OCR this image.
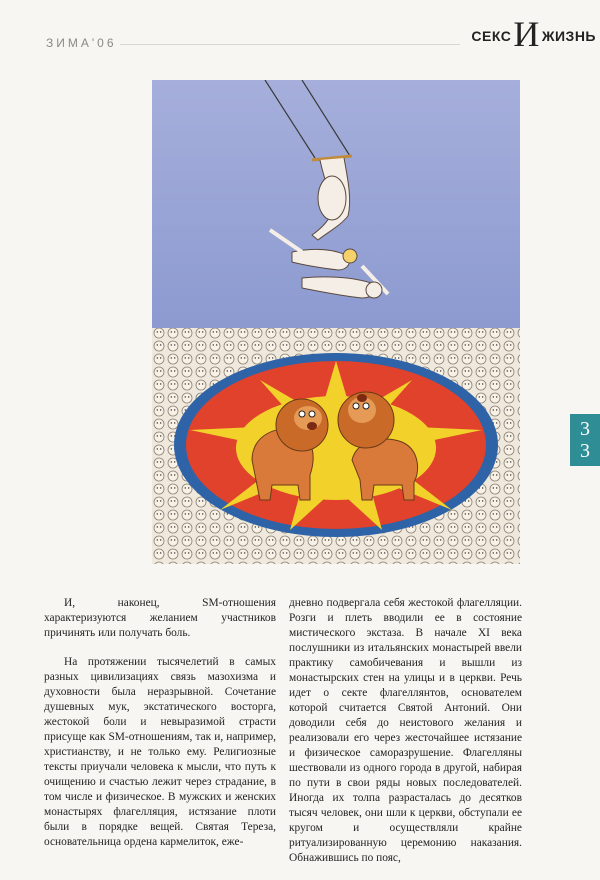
ЗИМА'06	СЕКС И ЖИЗНЬ
3
3

И, наконец, SM-отношения характеризуются желанием участников причинять или получать боль.

На протяжении тысячелетий в самых разных цивилизациях связь мазохизма и духовности была неразрывной. Сочетание душевных мук, экстатического восторга, жестокой боли и невыразимой страсти присуще как SM-отношениям, так и, например, христианству, и не только ему. Религиозные тексты приучали человека к мысли, что путь к очищению и счастью лежит через страдание, в том числе и физическое. В мужских и женских монастырях флагелляция, истязание плоти были в порядке вещей. Святая Тереза, основательница ордена кармелиток, еже-

дневно подвергала себя жестокой флагелляции. Розги и плеть вводили ее в состояние мистического экстаза. В начале XI века послушники из итальянских монастырей ввели практику самобичевания и вышли из монастырских стен на улицы и в церкви. Речь идет о секте флагеллянтов, основателем которой считается Святой Антоний. Они доводили себя до неистового желания и реализовали его через жесточайшее истязание и физическое саморазрушение. Флагелляны шествовали из одного города в другой, набирая по пути в свои ряды новых последователей. Иногда их толпа разрасталась до десятков тысяч человек, они шли к церкви, обступали ее кругом и осуществляли крайне ритуализированную церемонию наказания. Обнажившись по пояс,
